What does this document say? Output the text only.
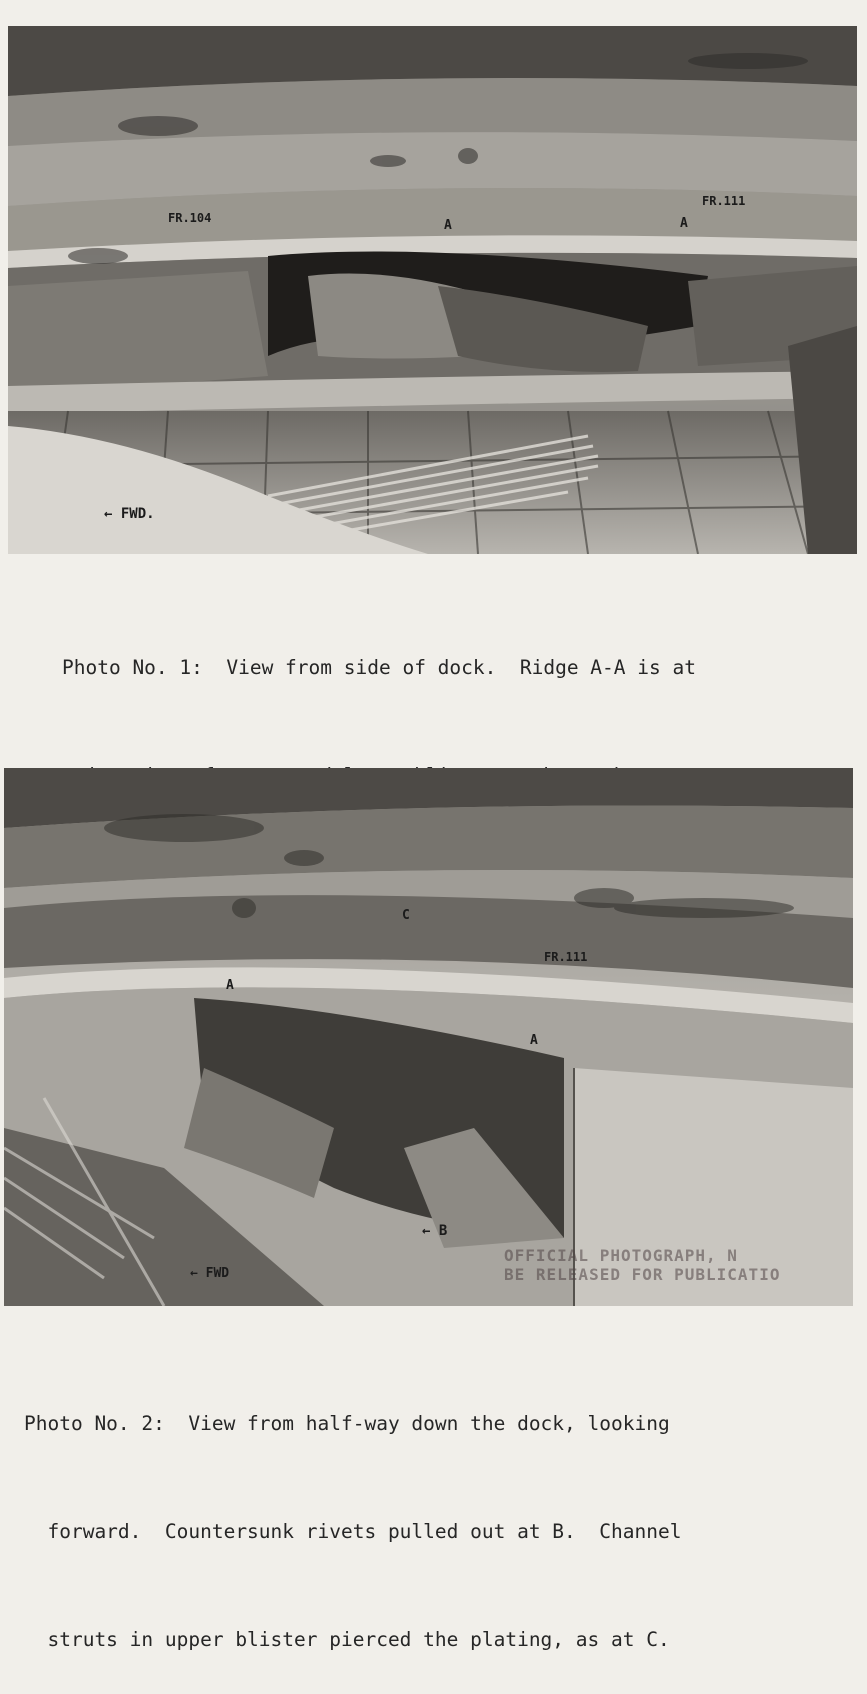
FR.104
FR.111
A	A
← FWD.

Photo No. 1:  View from side of dock.  Ridge A-A is at

C
FR.111
A
A
← B
← FWD
OFFICIAL PHOTOGRAPH, N
BE RELEASED FOR PUBLICATIO

Photo No. 2:  View from half-way down the dock, looking

forward.  Countersunk rivets pulled out at B.  Channel

struts in upper blister pierced the plating, as at C.
